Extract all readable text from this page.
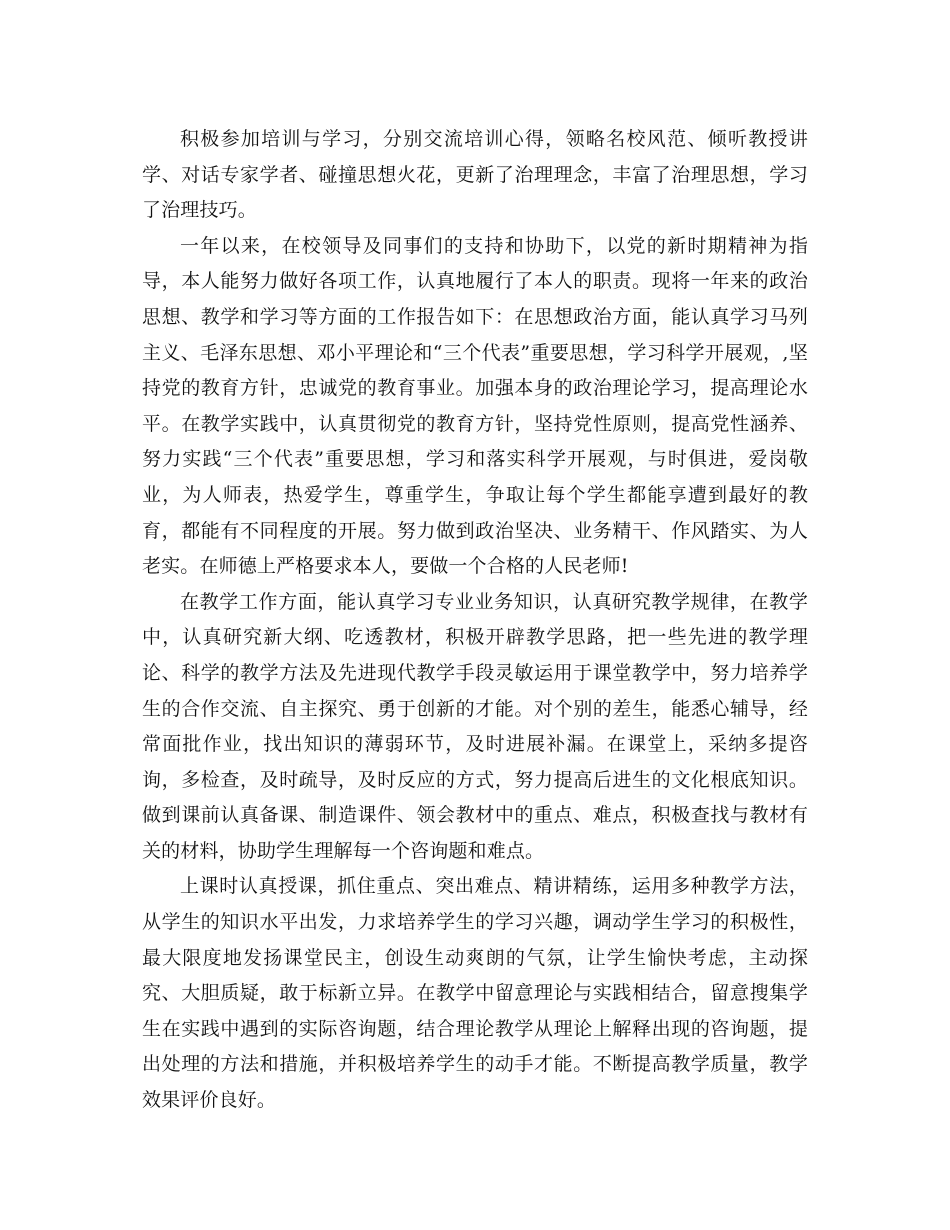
积极参加培训与学习，分别交流培训心得，领略名校风范、倾听教授讲学、对话专家学者、碰撞思想火花，更新了治理理念，丰富了治理思想，学习了治理技巧。

一年以来，在校领导及同事们的支持和协助下，以党的新时期精神为指导，本人能努力做好各项工作，认真地履行了本人的职责。现将一年来的政治思想、教学和学习等方面的工作报告如下：在思想政治方面，能认真学习马列主义、毛泽东思想、邓小平理论和“三个代表”重要思想，学习科学开展观，,坚持党的教育方针，忠诚党的教育事业。加强本身的政治理论学习，提高理论水平。在教学实践中，认真贯彻党的教育方针，坚持党性原则，提高党性涵养、努力实践“三个代表”重要思想，学习和落实科学开展观，与时俱进，爱岗敬业，为人师表，热爱学生，尊重学生，争取让每个学生都能享遭到最好的教育，都能有不同程度的开展。努力做到政治坚决、业务精干、作风踏实、为人老实。在师德上严格要求本人，要做一个合格的人民老师!

在教学工作方面，能认真学习专业业务知识，认真研究教学规律，在教学中，认真研究新大纲、吃透教材，积极开辟教学思路，把一些先进的教学理论、科学的教学方法及先进现代教学手段灵敏运用于课堂教学中，努力培养学生的合作交流、自主探究、勇于创新的才能。对个别的差生，能悉心辅导，经常面批作业，找出知识的薄弱环节，及时进展补漏。在课堂上，采纳多提咨询，多检查，及时疏导，及时反应的方式，努力提高后进生的文化根底知识。做到课前认真备课、制造课件、领会教材中的重点、难点，积极查找与教材有关的材料，协助学生理解每一个咨询题和难点。

上课时认真授课，抓住重点、突出难点、精讲精练，运用多种教学方法，从学生的知识水平出发，力求培养学生的学习兴趣，调动学生学习的积极性，最大限度地发扬课堂民主，创设生动爽朗的气氛，让学生愉快考虑，主动探究、大胆质疑，敢于标新立异。在教学中留意理论与实践相结合，留意搜集学生在实践中遇到的实际咨询题，结合理论教学从理论上解释出现的咨询题，提出处理的方法和措施，并积极培养学生的动手才能。不断提高教学质量，教学效果评价良好。
